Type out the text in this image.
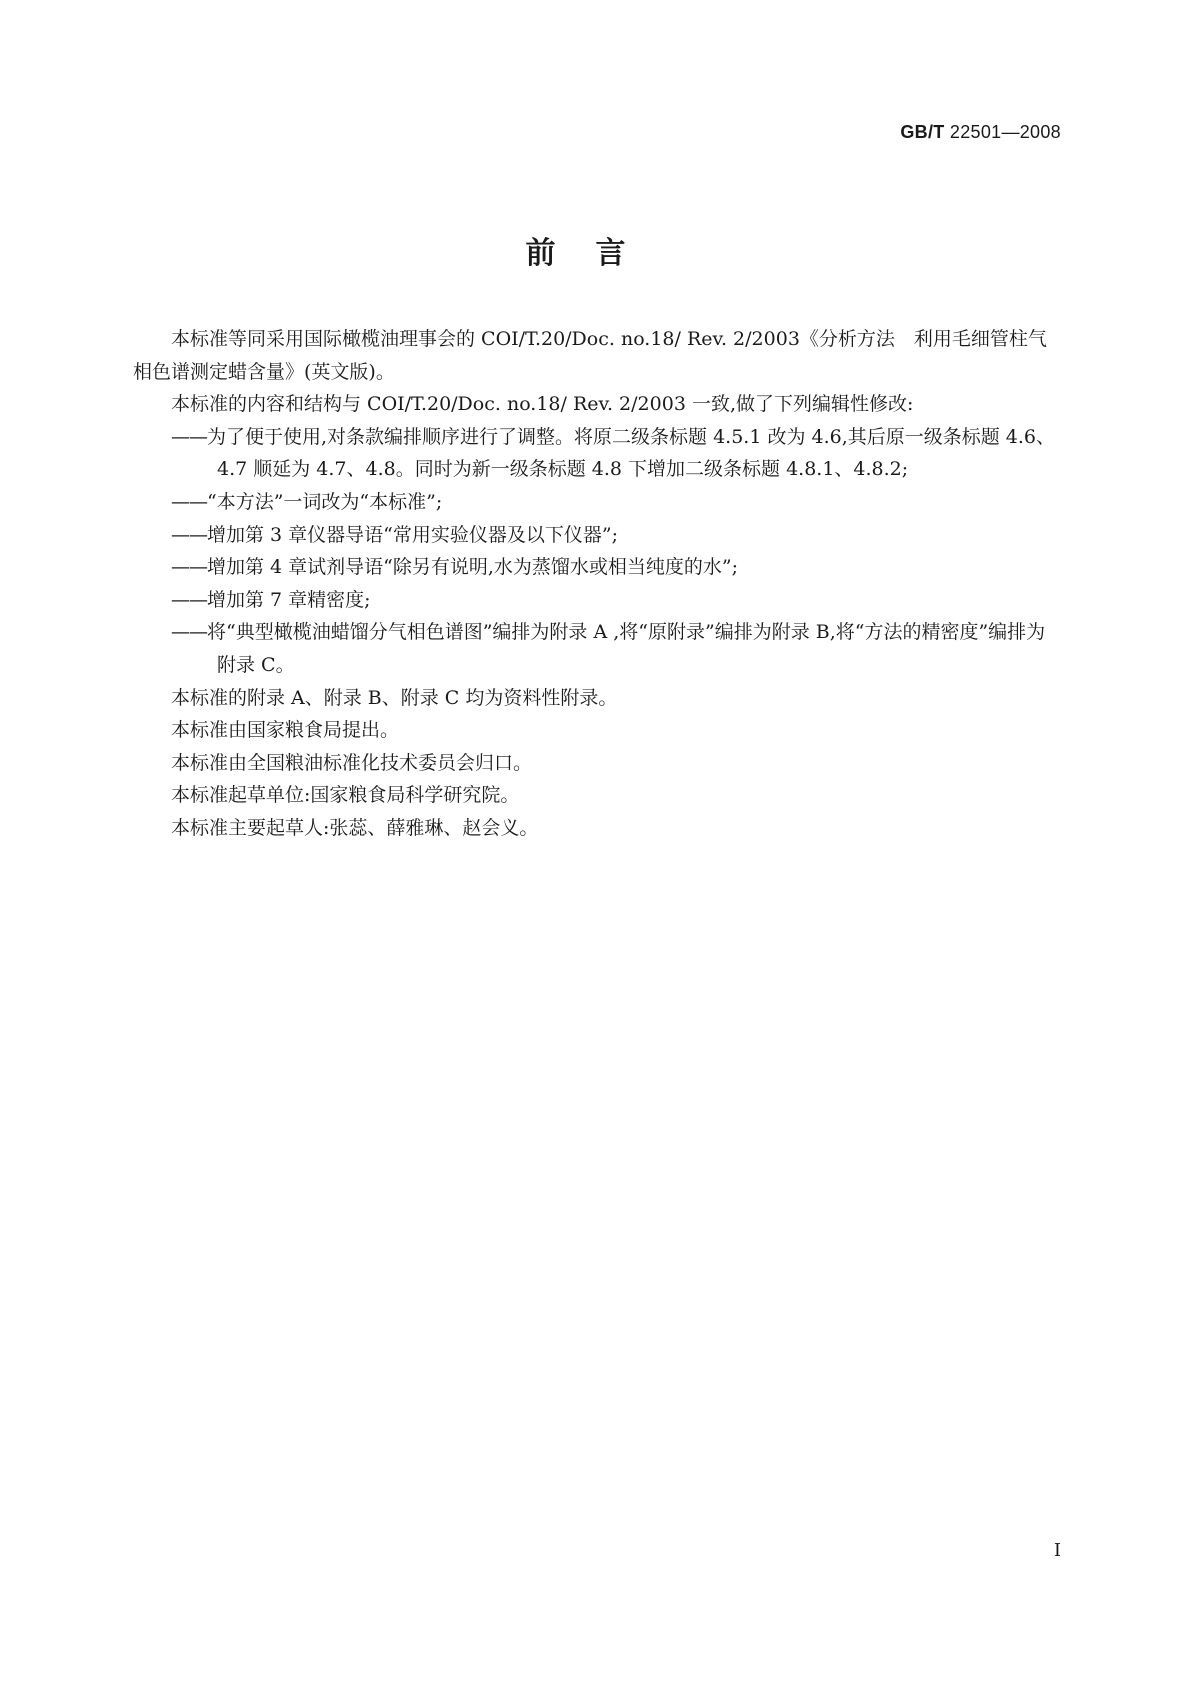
GB/T 22501—2008
前言

本标准等同采用国际橄榄油理事会的 COI/T.20/Doc. no.18/ Rev. 2/2003《分析方法　利用毛细管柱气相色谱测定蜡含量》(英文版)。

本标准的内容和结构与 COI/T.20/Doc. no.18/ Rev. 2/2003 一致,做了下列编辑性修改:

——为了便于使用,对条款编排顺序进行了调整。将原二级条标题 4.5.1 改为 4.6,其后原一级条标题 4.6、4.7 顺延为 4.7、4.8。同时为新一级条标题 4.8 下增加二级条标题 4.8.1、4.8.2;

——“本方法”一词改为“本标准”;

——增加第 3 章仪器导语“常用实验仪器及以下仪器”;

——增加第 4 章试剂导语“除另有说明,水为蒸馏水或相当纯度的水”;

——增加第 7 章精密度;

——将“典型橄榄油蜡馏分气相色谱图”编排为附录 A ,将“原附录”编排为附录 B,将“方法的精密度”编排为附录 C。

本标准的附录 A、附录 B、附录 C 均为资料性附录。

本标准由国家粮食局提出。

本标准由全国粮油标准化技术委员会归口。

本标准起草单位:国家粮食局科学研究院。

本标准主要起草人:张蕊、薛雅琳、赵会义。

I
